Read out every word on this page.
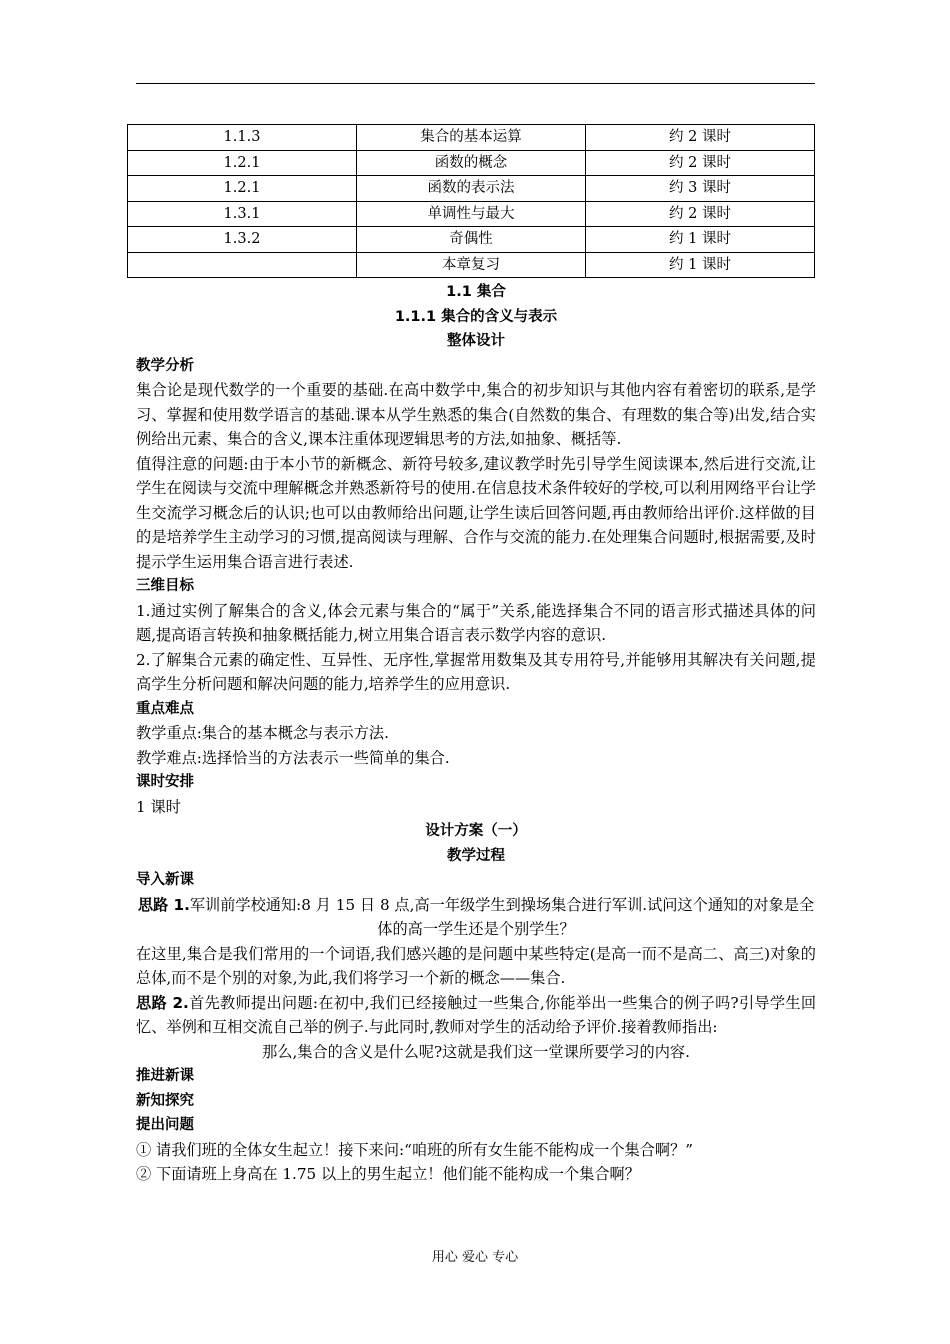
1.1.3	集合的基本运算	约 2 课时
1.2.1	函数的概念	约 2 课时
1.2.1	函数的表示法	约 3 课时
1.3.1	单调性与最大	约 2 课时
1.3.2	奇偶性	约 1 课时
	本章复习	约 1 课时
1.1 集合
1.1.1 集合的含义与表示
整体设计
教学分析

集合论是现代数学的一个重要的基础.在高中数学中,集合的初步知识与其他内容有着密切的联系,是学习、掌握和使用数学语言的基础.课本从学生熟悉的集合(自然数的集合、有理数的集合等)出发,结合实例给出元素、集合的含义,课本注重体现逻辑思考的方法,如抽象、概括等.

值得注意的问题:由于本小节的新概念、新符号较多,建议教学时先引导学生阅读课本,然后进行交流,让学生在阅读与交流中理解概念并熟悉新符号的使用.在信息技术条件较好的学校,可以利用网络平台让学生交流学习概念后的认识;也可以由教师给出问题,让学生读后回答问题,再由教师给出评价.这样做的目的是培养学生主动学习的习惯,提高阅读与理解、合作与交流的能力.在处理集合问题时,根据需要,及时提示学生运用集合语言进行表述.

三维目标

1.通过实例了解集合的含义,体会元素与集合的“属于”关系,能选择集合不同的语言形式描述具体的问题,提高语言转换和抽象概括能力,树立用集合语言表示数学内容的意识.

2.了解集合元素的确定性、互异性、无序性,掌握常用数集及其专用符号,并能够用其解决有关问题,提高学生分析问题和解决问题的能力,培养学生的应用意识.

重点难点

教学重点:集合的基本概念与表示方法.

教学难点:选择恰当的方法表示一些简单的集合.

课时安排

1 课时

设计方案（一）
教学过程
导入新课

思路 1.军训前学校通知:8 月 15 日 8 点,高一年级学生到操场集合进行军训.试问这个通知的对象是全体的高一学生还是个别学生？

在这里,集合是我们常用的一个词语,我们感兴趣的是问题中某些特定(是高一而不是高二、高三)对象的总体,而不是个别的对象,为此,我们将学习一个新的概念——集合.

思路 2.首先教师提出问题:在初中,我们已经接触过一些集合,你能举出一些集合的例子吗?引导学生回忆、举例和互相交流自己举的例子.与此同时,教师对学生的活动给予评价.接着教师指出:

那么,集合的含义是什么呢?这就是我们这一堂课所要学习的内容.

推进新课
新知探究
提出问题

① 请我们班的全体女生起立！接下来问:“咱班的所有女生能不能构成一个集合啊？”

② 下面请班上身高在 1.75 以上的男生起立！他们能不能构成一个集合啊？

用心 爱心 专心
